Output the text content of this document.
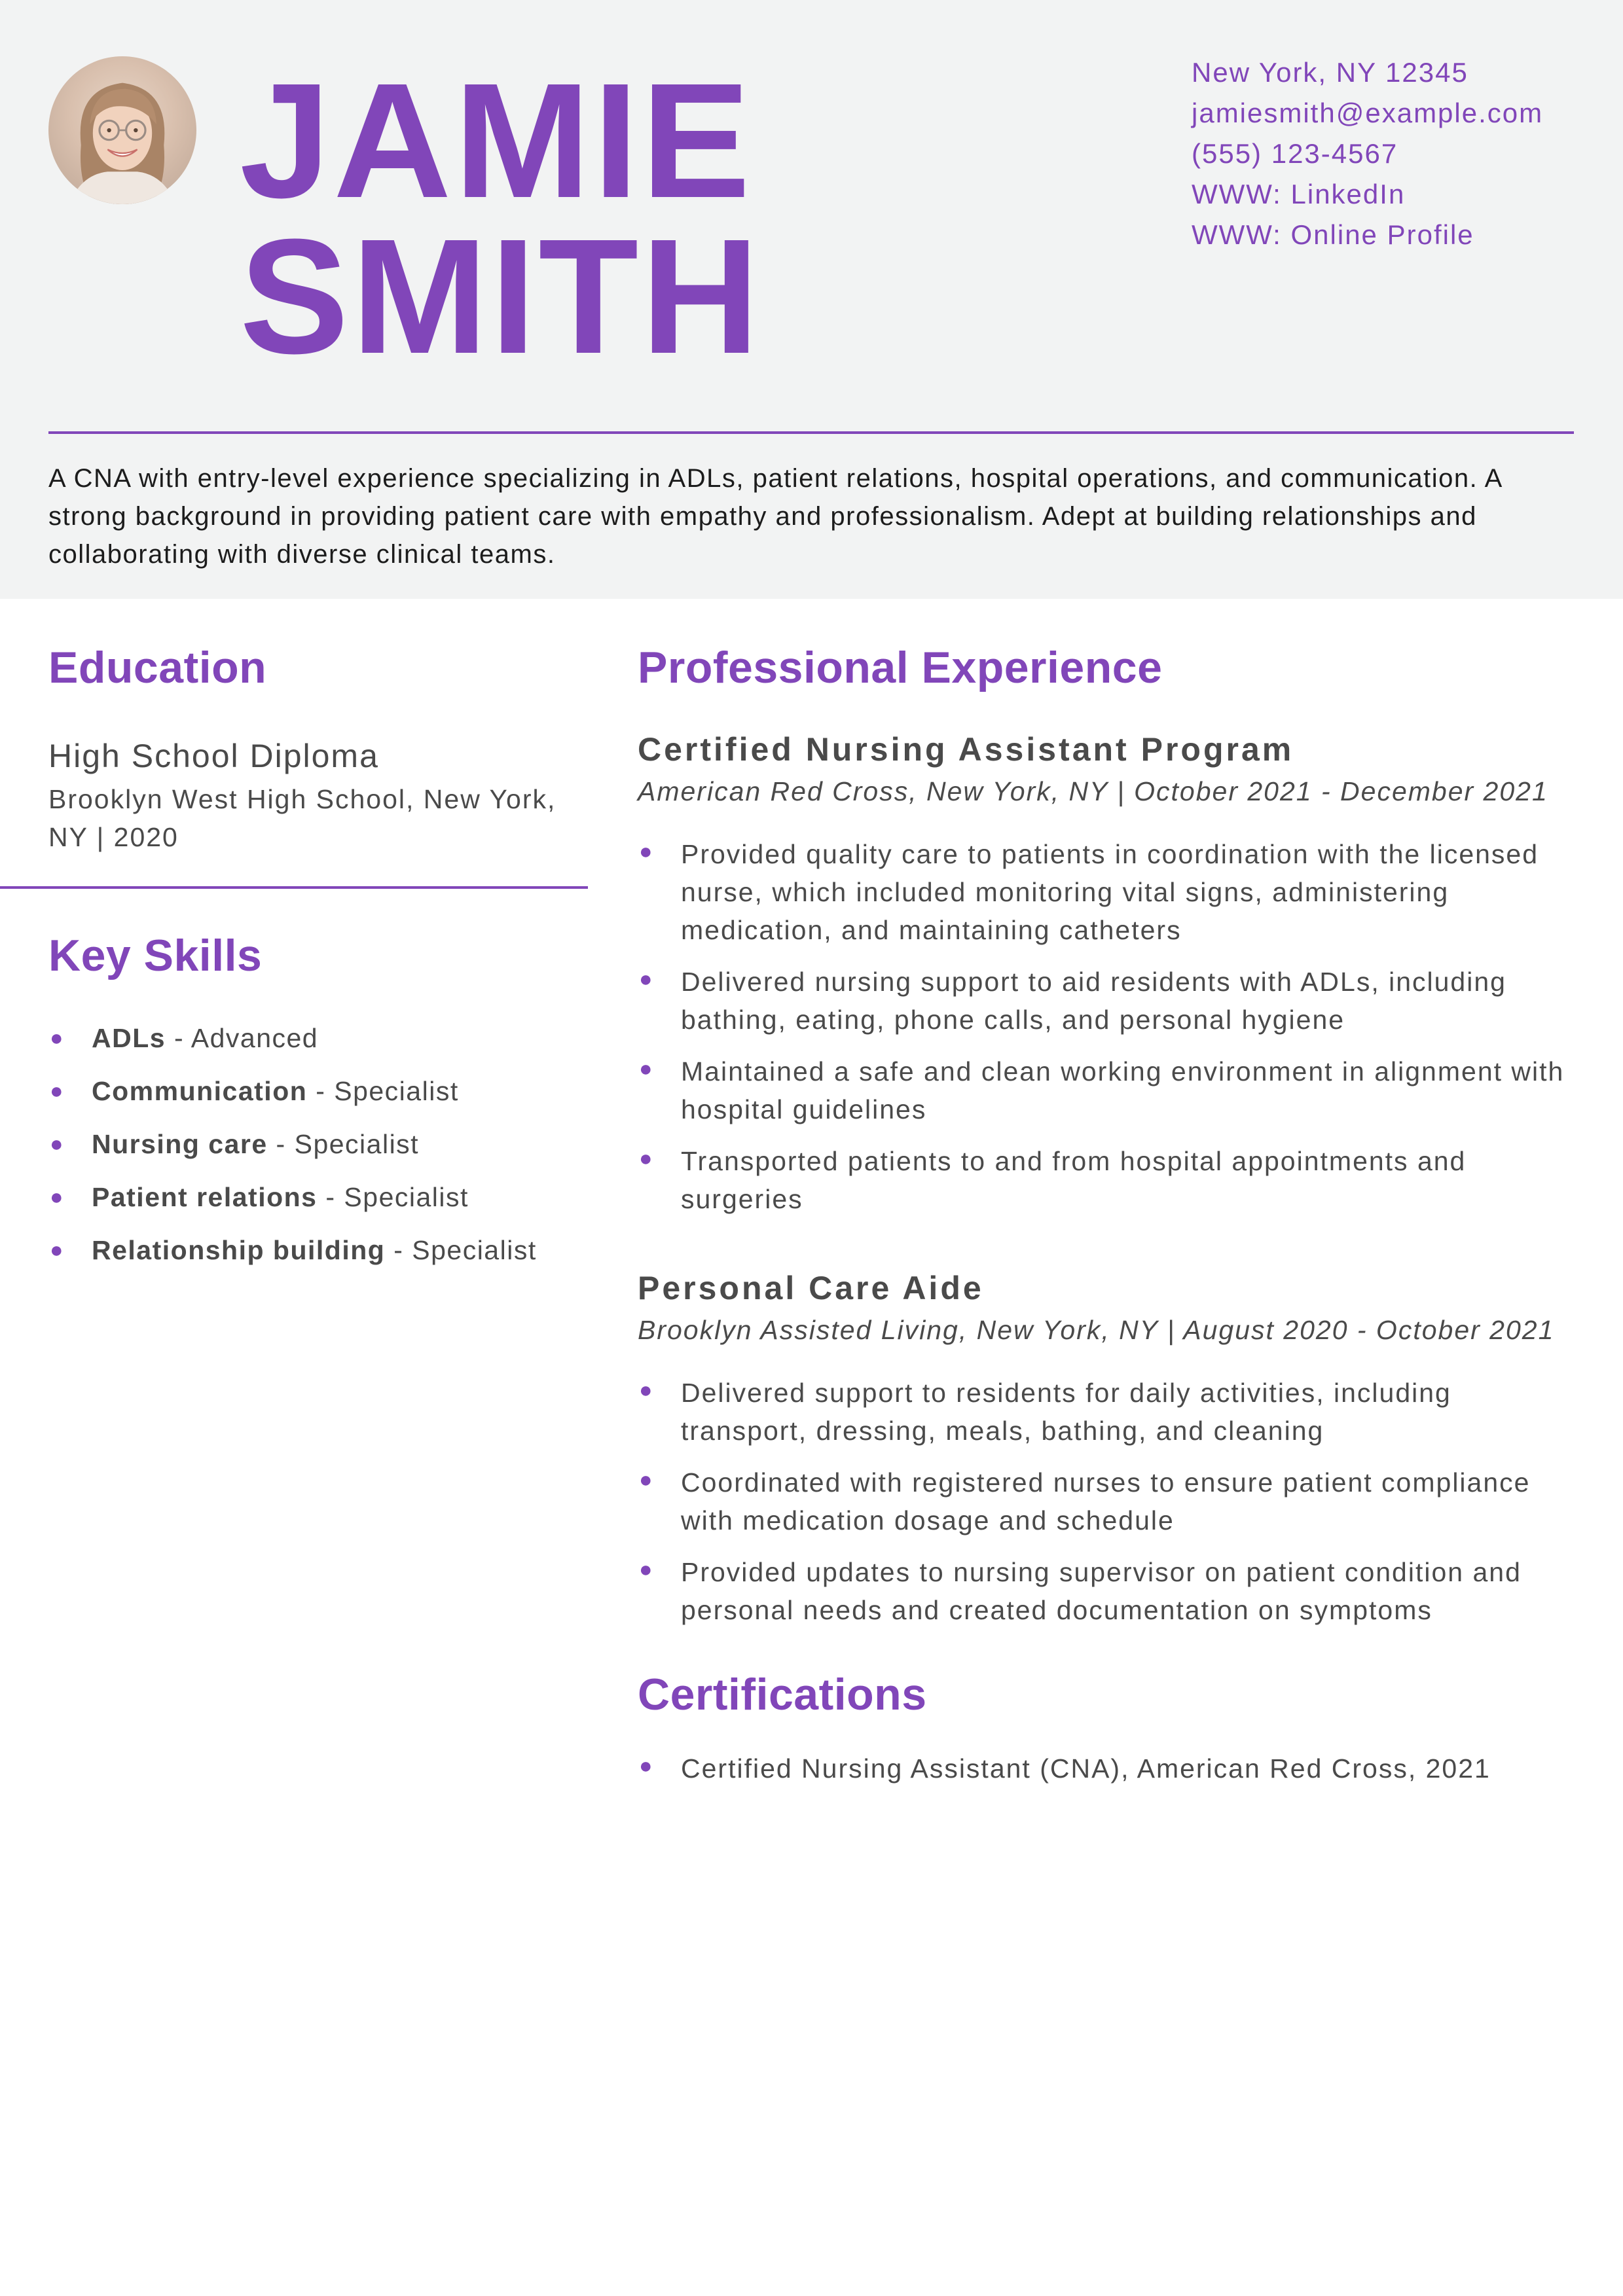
JAMIE
SMITH
New York, NY 12345
jamiesmith@example.com
(555) 123-4567
WWW: LinkedIn
WWW: Online Profile

A CNA with entry-level experience specializing in ADLs, patient relations, hospital operations, and communication. A strong background in providing patient care with empathy and professionalism. Adept at building relationships and collaborating with diverse clinical teams.

Education
High School Diploma
Brooklyn West High School, New York, NY | 2020
Key Skills
● ADLs - Advanced
● Communication - Specialist
● Nursing care - Specialist
● Patient relations - Specialist
● Relationship building - Specialist
Professional Experience
Certified Nursing Assistant Program
American Red Cross, New York, NY | October 2021 - December 2021
● Provided quality care to patients in coordination with the licensed nurse, which included monitoring vital signs, administering medication, and maintaining catheters
● Delivered nursing support to aid residents with ADLs, including bathing, eating, phone calls, and personal hygiene
● Maintained a safe and clean working environment in alignment with hospital guidelines
● Transported patients to and from hospital appointments and surgeries
Personal Care Aide
Brooklyn Assisted Living, New York, NY | August 2020 - October 2021
● Delivered support to residents for daily activities, including transport, dressing, meals, bathing, and cleaning
● Coordinated with registered nurses to ensure patient compliance with medication dosage and schedule
● Provided updates to nursing supervisor on patient condition and personal needs and created documentation on symptoms
Certifications
● Certified Nursing Assistant (CNA), American Red Cross, 2021
